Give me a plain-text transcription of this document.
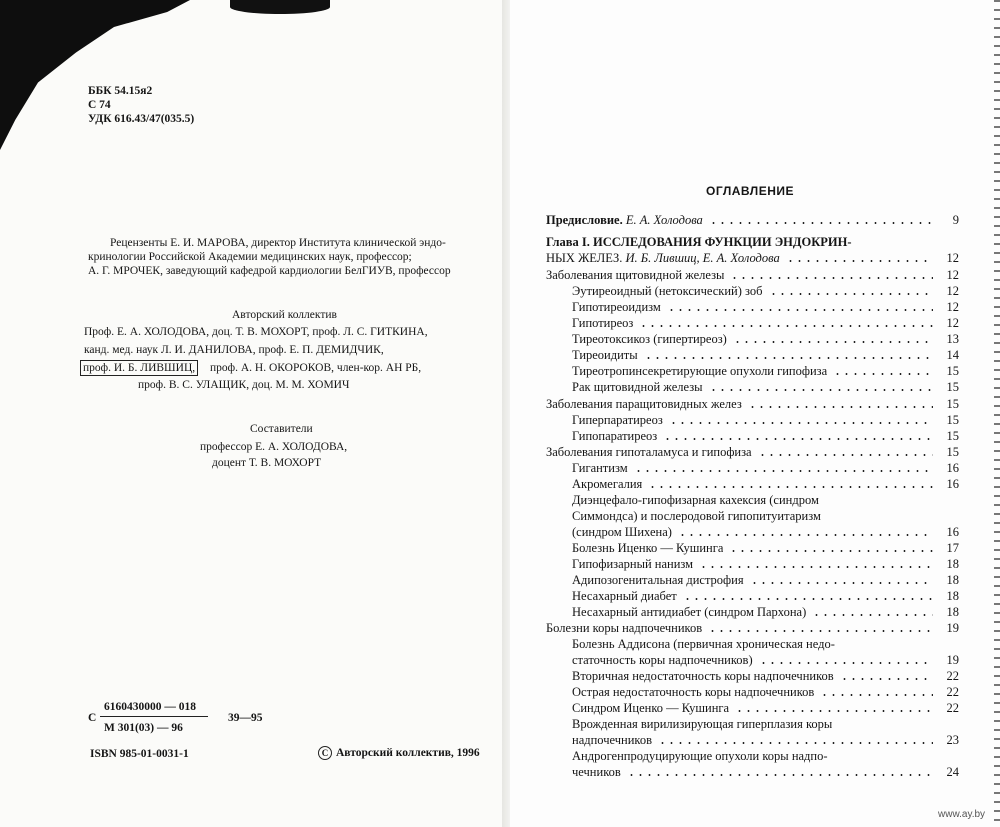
ББК 54.15я2
С 74
УДК 616.43/47(035.5)
Рецензенты Е. И. МАРОВА, директор Института клинической эндо-
кринологии Российской Академии медицинских наук, профессор;
А. Г. МРОЧЕК, заведующий кафедрой кардиологии БелГИУВ, профессор
Авторский коллектив
Проф. Е. А. ХОЛОДОВА, доц. Т. В. МОХОРТ, проф. Л. С. ГИТКИНА,
канд. мед. наук Л. И. ДАНИЛОВА, проф. Е. П. ДЕМИДЧИК,
проф. И. Б. ЛИВШИЦ, проф. А. Н. ОКОРОКОВ, член-кор. АН РБ,
проф. В. С. УЛАЩИК, доц. М. М. ХОМИЧ
Составители
профессор Е. А. ХОЛОДОВА,
доцент Т. В. МОХОРТ
С
6160430000 — 018
М 301(03) — 96
39—95
ISBN 985-01-0031-1	С Авторский коллектив, 1996
ОГЛАВЛЕНИЕ
Предисловие. Е. А. Холодова	9
Глава I. ИССЛЕДОВАНИЯ ФУНКЦИИ ЭНДОКРИН-
НЫХ ЖЕЛЕЗ. И. Б. Лившиц, Е. А. Холодова	12
Заболевания щитовидной железы	12
Эутиреоидный (нетоксический) зоб	12
Гипотиреоидизм	12
Гипотиреоз	12
Тиреотоксикоз (гипертиреоз)	13
Тиреоидиты	14
Тиреотропинсекретирующие опухоли гипофиза	15
Рак щитовидной железы	15
Заболевания паращитовидных желез	15
Гиперпаратиреоз	15
Гипопаратиреоз	15
Заболевания гипоталамуса и гипофиза	15
Гигантизм	16
Акромегалия	16
Диэнцефало-гипофизарная кахексия (синдром
Симмондса) и послеродовой гипопитуитаризм
(синдром Шихена)	16
Болезнь Иценко — Кушинга	17
Гипофизарный нанизм	18
Адипозогенитальная дистрофия	18
Несахарный диабет	18
Несахарный антидиабет (синдром Пархона)	18
Болезни коры надпочечников	19
Болезнь Аддисона (первичная хроническая недо-
статочность коры надпочечников)	19
Вторичная недостаточность коры надпочечников	22
Острая недостаточность коры надпочечников	22
Синдром Иценко — Кушинга	22
Врожденная вирилизирующая гиперплазия коры
надпочечников	23
Андрогенпродуцирующие опухоли коры надпо-
чечников	24
www.ay.by
